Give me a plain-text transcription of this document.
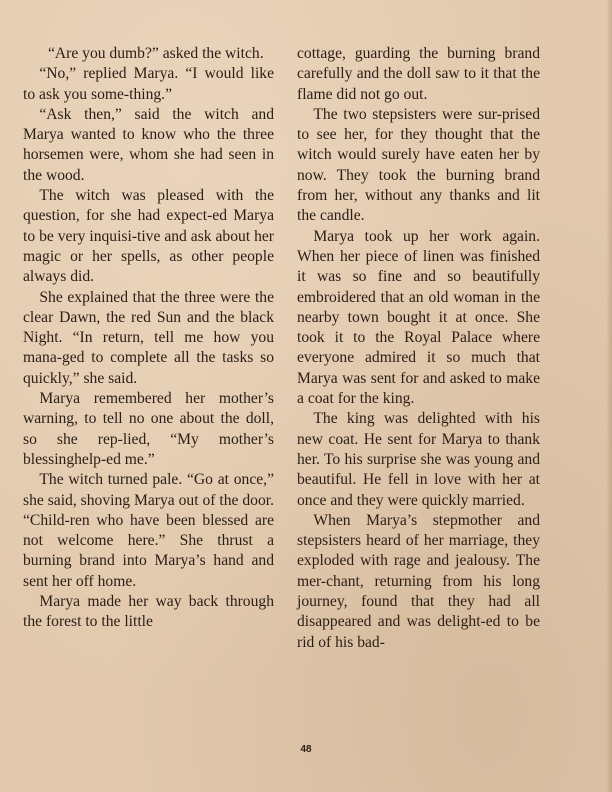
“Are you dumb?” asked the witch.

“No,” replied Marya. “I would like to ask you some-thing.”

“Ask then,” said the witch and Marya wanted to know who the three horsemen were, whom she had seen in the wood.

The witch was pleased with the question, for she had expect-ed Marya to be very inquisi-tive and ask about her magic or her spells, as other people always did.

She explained that the three were the clear Dawn, the red Sun and the black Night. “In return, tell me how you mana-ged to complete all the tasks so quickly,” she said.

Marya remembered her mother’s warning, to tell no one about the doll, so she rep-lied, “My mother’s blessinghelp-ed me.”

The witch turned pale. “Go at once,” she said, shoving Marya out of the door. “Child-ren who have been blessed are not welcome here.” She thrust a burning brand into Marya’s hand and sent her off home.

Marya made her way back through the forest to the little

cottage, guarding the burning brand carefully and the doll saw to it that the flame did not go out.

The two stepsisters were sur-prised to see her, for they thought that the witch would surely have eaten her by now. They took the burning brand from her, without any thanks and lit the candle.

Marya took up her work again. When her piece of linen was finished it was so fine and so beautifully embroidered that an old woman in the nearby town bought it at once. She took it to the Royal Palace where everyone admired it so much that Marya was sent for and asked to make a coat for the king.

The king was delighted with his new coat. He sent for Marya to thank her. To his surprise she was young and beautiful. He fell in love with her at once and they were quickly married.

When Marya’s stepmother and stepsisters heard of her marriage, they exploded with rage and jealousy. The mer-chant, returning from his long journey, found that they had all disappeared and was delight-ed to be rid of his bad-

48
